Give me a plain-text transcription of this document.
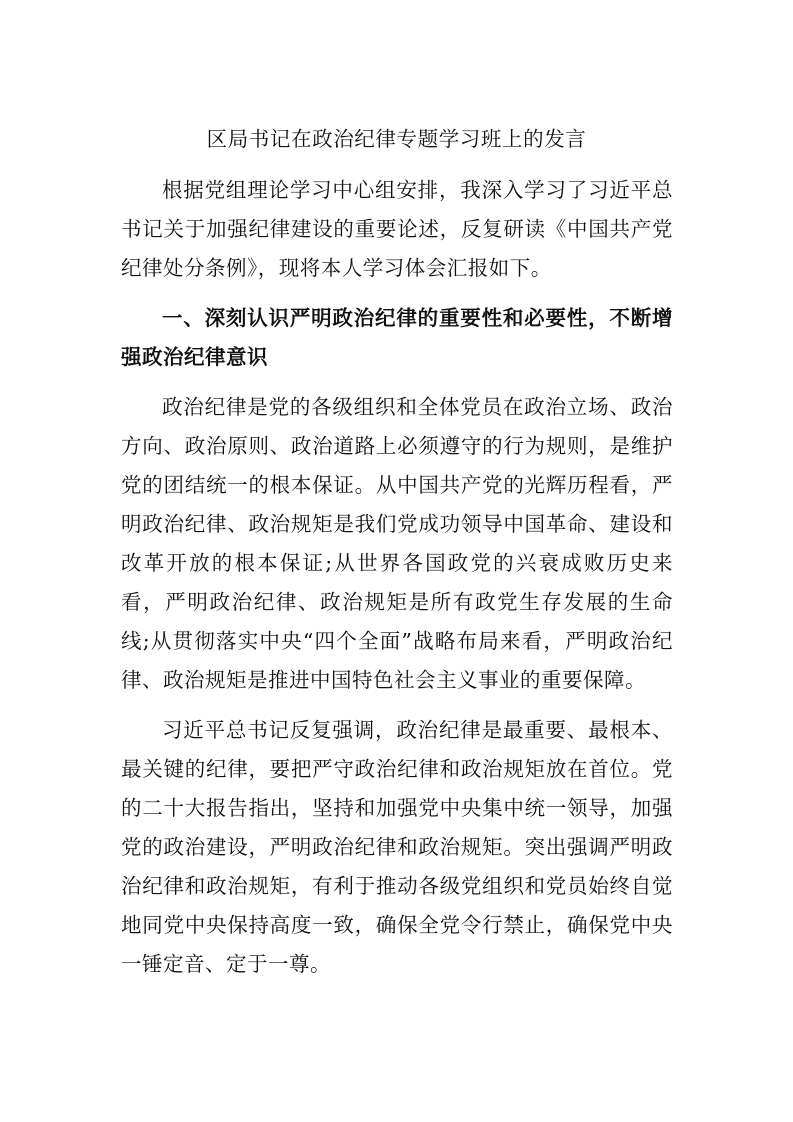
区局书记在政治纪律专题学习班上的发言

根据党组理论学习中心组安排，我深入学习了习近平总书记关于加强纪律建设的重要论述，反复研读《中国共产党纪律处分条例》，现将本人学习体会汇报如下。

一、深刻认识严明政治纪律的重要性和必要性，不断增强政治纪律意识

政治纪律是党的各级组织和全体党员在政治立场、政治方向、政治原则、政治道路上必须遵守的行为规则，是维护党的团结统一的根本保证。从中国共产党的光辉历程看，严明政治纪律、政治规矩是我们党成功领导中国革命、建设和改革开放的根本保证;从世界各国政党的兴衰成败历史来看，严明政治纪律、政治规矩是所有政党生存发展的生命线;从贯彻落实中央“四个全面”战略布局来看，严明政治纪律、政治规矩是推进中国特色社会主义事业的重要保障。

习近平总书记反复强调，政治纪律是最重要、最根本、最关键的纪律，要把严守政治纪律和政治规矩放在首位。党的二十大报告指出，坚持和加强党中央集中统一领导，加强党的政治建设，严明政治纪律和政治规矩。突出强调严明政治纪律和政治规矩，有利于推动各级党组织和党员始终自觉地同党中央保持高度一致，确保全党令行禁止，确保党中央一锤定音、定于一尊。
